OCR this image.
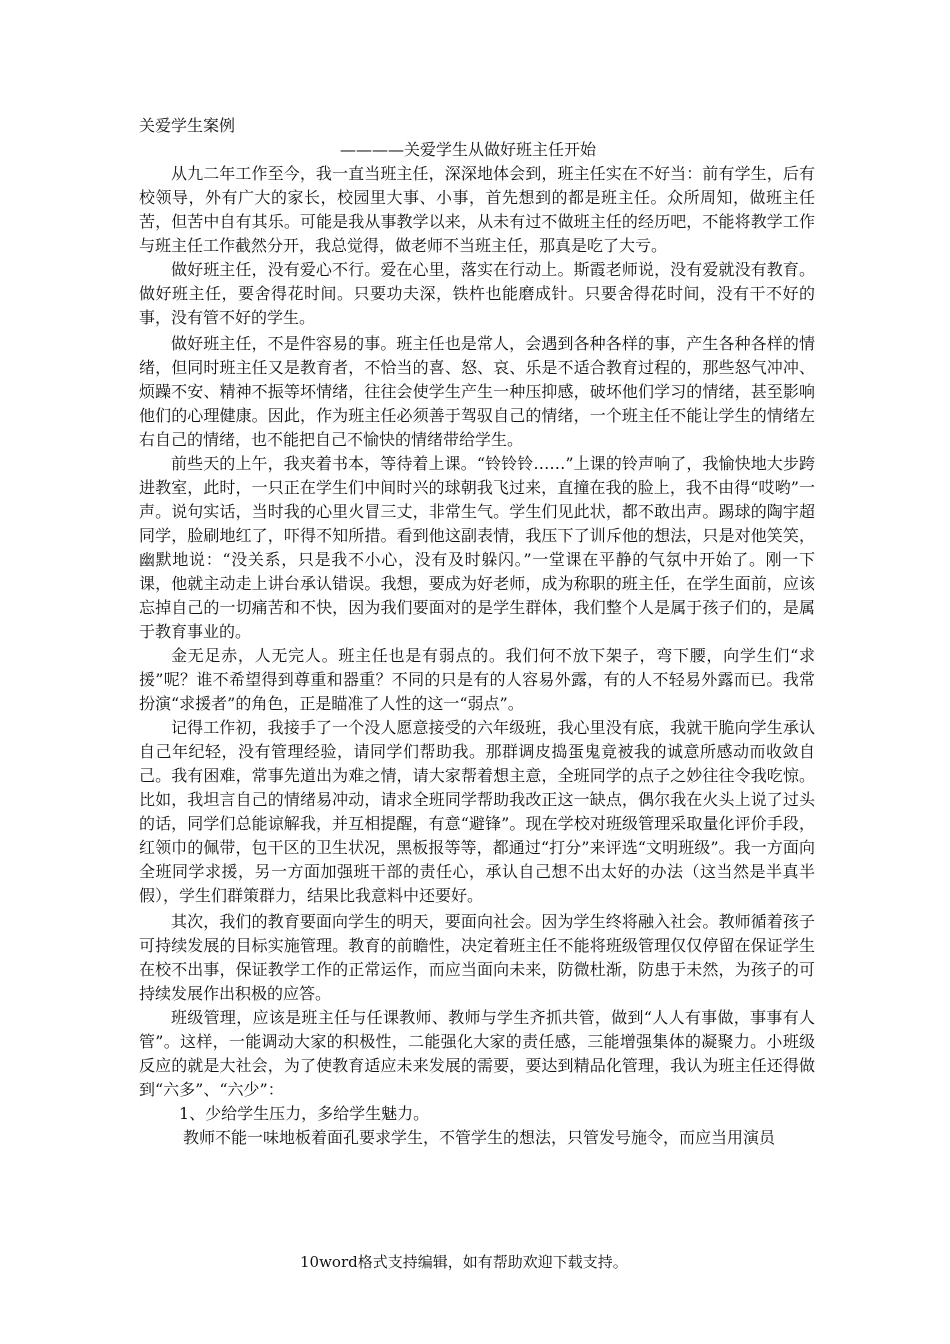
关爱学生案例
————关爱学生从做好班主任开始

从九二年工作至今，我一直当班主任，深深地体会到，班主任实在不好当：前有学生，后有校领导，外有广大的家长，校园里大事、小事，首先想到的都是班主任。众所周知，做班主任苦，但苦中自有其乐。可能是我从事教学以来，从未有过不做班主任的经历吧，不能将教学工作与班主任工作截然分开，我总觉得，做老师不当班主任，那真是吃了大亏。

做好班主任，没有爱心不行。爱在心里，落实在行动上。斯霞老师说，没有爱就没有教育。做好班主任，要舍得花时间。只要功夫深，铁杵也能磨成针。只要舍得花时间，没有干不好的事，没有管不好的学生。

做好班主任，不是件容易的事。班主任也是常人，会遇到各种各样的事，产生各种各样的情绪，但同时班主任又是教育者，不恰当的喜、怒、哀、乐是不适合教育过程的，那些怒气冲冲、烦躁不安、精神不振等坏情绪，往往会使学生产生一种压抑感，破坏他们学习的情绪，甚至影响他们的心理健康。因此，作为班主任必须善于驾驭自己的情绪，一个班主任不能让学生的情绪左右自己的情绪，也不能把自己不愉快的情绪带给学生。

前些天的上午，我夹着书本，等待着上课。“铃铃铃……”上课的铃声响了，我愉快地大步跨进教室，此时，一只正在学生们中间时兴的球朝我飞过来，直撞在我的脸上，我不由得“哎哟”一声。说句实话，当时我的心里火冒三丈，非常生气。学生们见此状，都不敢出声。踢球的陶宇超同学，脸刷地红了，吓得不知所措。看到他这副表情，我压下了训斥他的想法，只是对他笑笑，幽默地说：“没关系，只是我不小心，没有及时躲闪。”一堂课在平静的气氛中开始了。刚一下课，他就主动走上讲台承认错误。我想，要成为好老师，成为称职的班主任，在学生面前，应该忘掉自己的一切痛苦和不快，因为我们要面对的是学生群体，我们整个人是属于孩子们的，是属于教育事业的。

金无足赤，人无完人。班主任也是有弱点的。我们何不放下架子，弯下腰，向学生们“求援”呢？谁不希望得到尊重和器重？不同的只是有的人容易外露，有的人不轻易外露而已。我常扮演“求援者”的角色，正是瞄准了人性的这一“弱点”。

记得工作初，我接手了一个没人愿意接受的六年级班，我心里没有底，我就干脆向学生承认自己年纪轻，没有管理经验，请同学们帮助我。那群调皮捣蛋鬼竟被我的诚意所感动而收敛自己。我有困难，常事先道出为难之情，请大家帮着想主意，全班同学的点子之妙往往令我吃惊。比如，我坦言自己的情绪易冲动，请求全班同学帮助我改正这一缺点，偶尔我在火头上说了过头的话，同学们总能谅解我，并互相提醒，有意“避锋”。现在学校对班级管理采取量化评价手段，红领巾的佩带，包干区的卫生状况，黑板报等等，都通过“打分”来评选“文明班级”。我一方面向全班同学求援，另一方面加强班干部的责任心，承认自己想不出太好的办法（这当然是半真半假），学生们群策群力，结果比我意料中还要好。

其次，我们的教育要面向学生的明天，要面向社会。因为学生终将融入社会。教师循着孩子可持续发展的目标实施管理。教育的前瞻性，决定着班主任不能将班级管理仅仅停留在保证学生在校不出事，保证教学工作的正常运作，而应当面向未来，防微杜渐，防患于未然，为孩子的可持续发展作出积极的应答。

班级管理，应该是班主任与任课教师、教师与学生齐抓共管，做到“人人有事做，事事有人管”。这样，一能调动大家的积极性，二能强化大家的责任感，三能增强集体的凝聚力。小班级反应的就是大社会，为了使教育适应未来发展的需要，要达到精品化管理，我认为班主任还得做到“六多”、“六少”：

1、少给学生压力，多给学生魅力。

教师不能一味地板着面孔要求学生，不管学生的想法，只管发号施令，而应当用演员

10word格式支持编辑，如有帮助欢迎下载支持。
